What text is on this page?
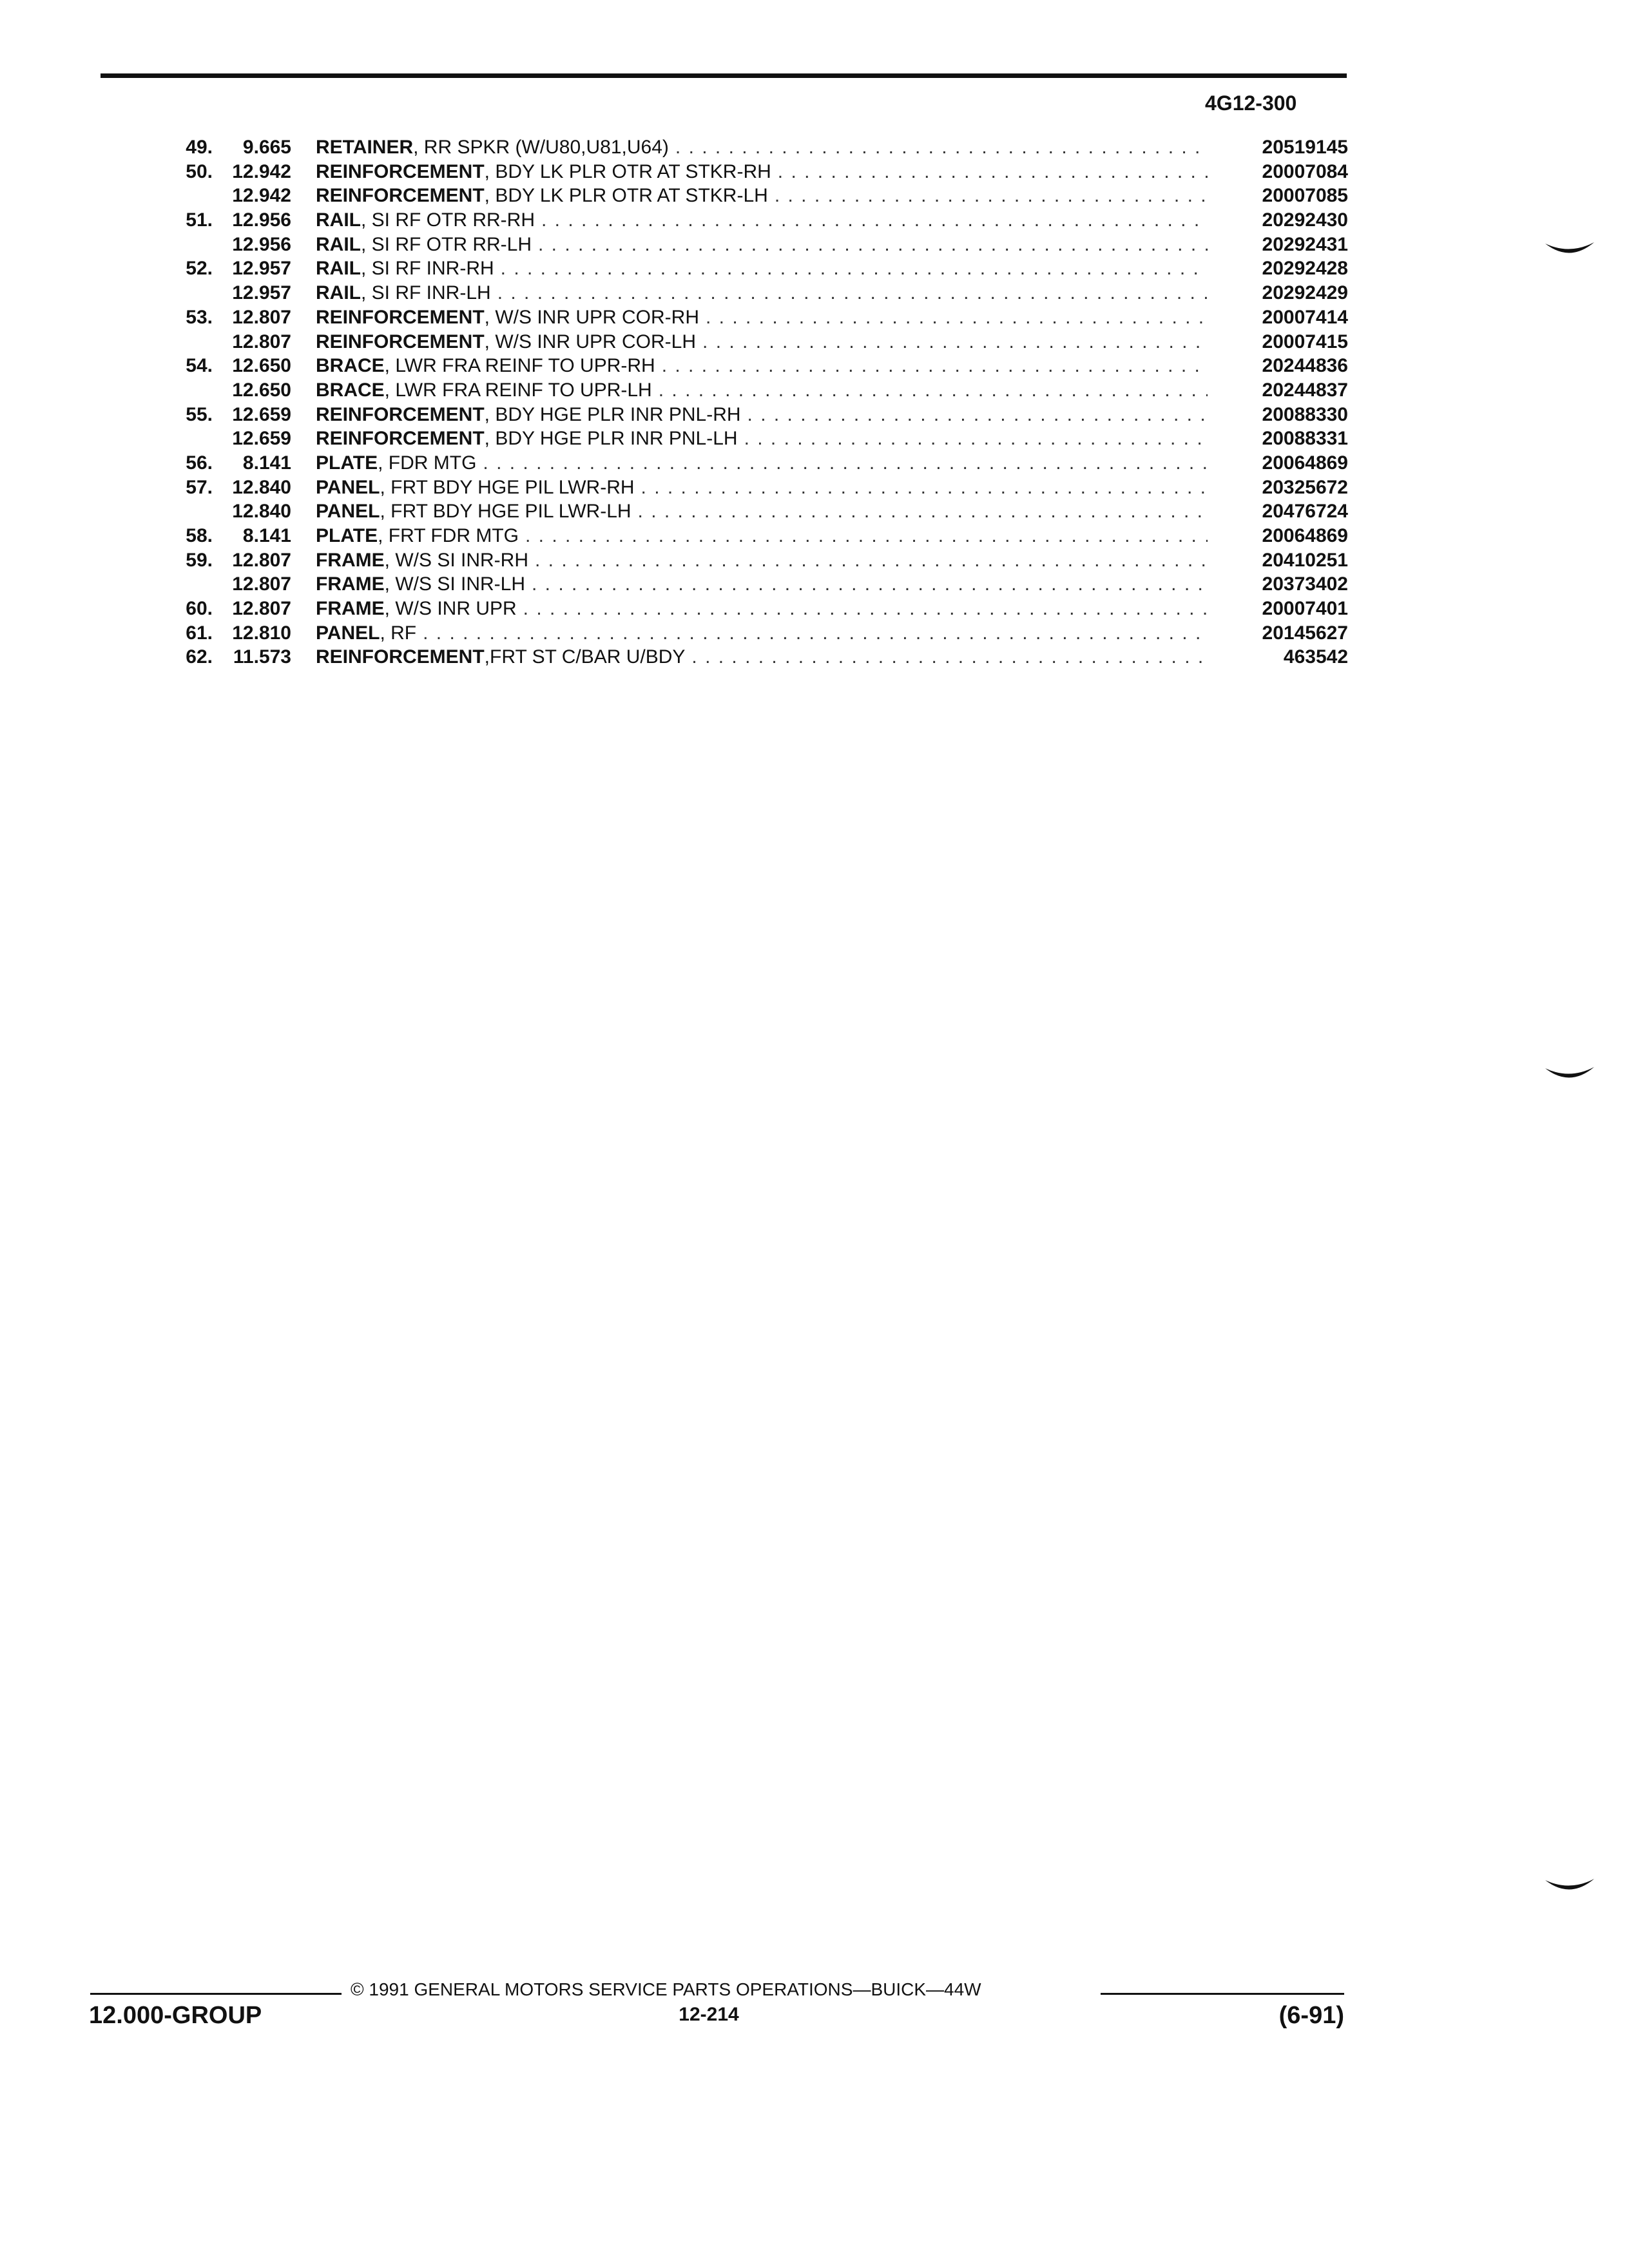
4G12-300
49.	9.665 RETAINER , RR SPKR (W/U80,U81,U64) . . .	20519145
50.	12.942 REINFORCEMENT , BDY LK PLR OTR AT STKR-RH . . .	20007084
12.942 REINFORCEMENT , BDY LK PLR OTR AT STKR-LH . . .	20007085
51.	12.956 RAIL , SI RF OTR RR-RH . . .	20292430
12.956 RAIL , SI RF OTR RR-LH . . .	20292431
52.	12.957 RAIL , SI RF INR-RH . . .	20292428
12.957 RAIL , SI RF INR-LH . . .	20292429
53.	12.807 REINFORCEMENT , W/S INR UPR COR-RH . . .	20007414
12.807 REINFORCEMENT , W/S INR UPR COR-LH . . .	20007415
54.	12.650 BRACE , LWR FRA REINF TO UPR-RH . . .	20244836
12.650 BRACE , LWR FRA REINF TO UPR-LH . . .	20244837
55.	12.659 REINFORCEMENT , BDY HGE PLR INR PNL-RH . . .	20088330
12.659 REINFORCEMENT , BDY HGE PLR INR PNL-LH . . .	20088331
56.	8.141 PLATE , FDR MTG . . .	20064869
57.	12.840 PANEL , FRT BDY HGE PIL LWR-RH . . .	20325672
12.840 PANEL , FRT BDY HGE PIL LWR-LH . . .	20476724
58.	8.141 PLATE , FRT FDR MTG . . .	20064869
59.	12.807 FRAME , W/S SI INR-RH . . .	20410251
12.807 FRAME , W/S SI INR-LH . . .	20373402
60.	12.807 FRAME , W/S INR UPR . . .	20007401
61.	12.810 PANEL , RF . . .	20145627
62.	11.573 REINFORCEMENT ,FRT ST C/BAR U/BDY . . .	463542
© 1991 GENERAL MOTORS SERVICE PARTS OPERATIONS—BUICK—44W
12.000-GROUP	12-214	(6-91)
